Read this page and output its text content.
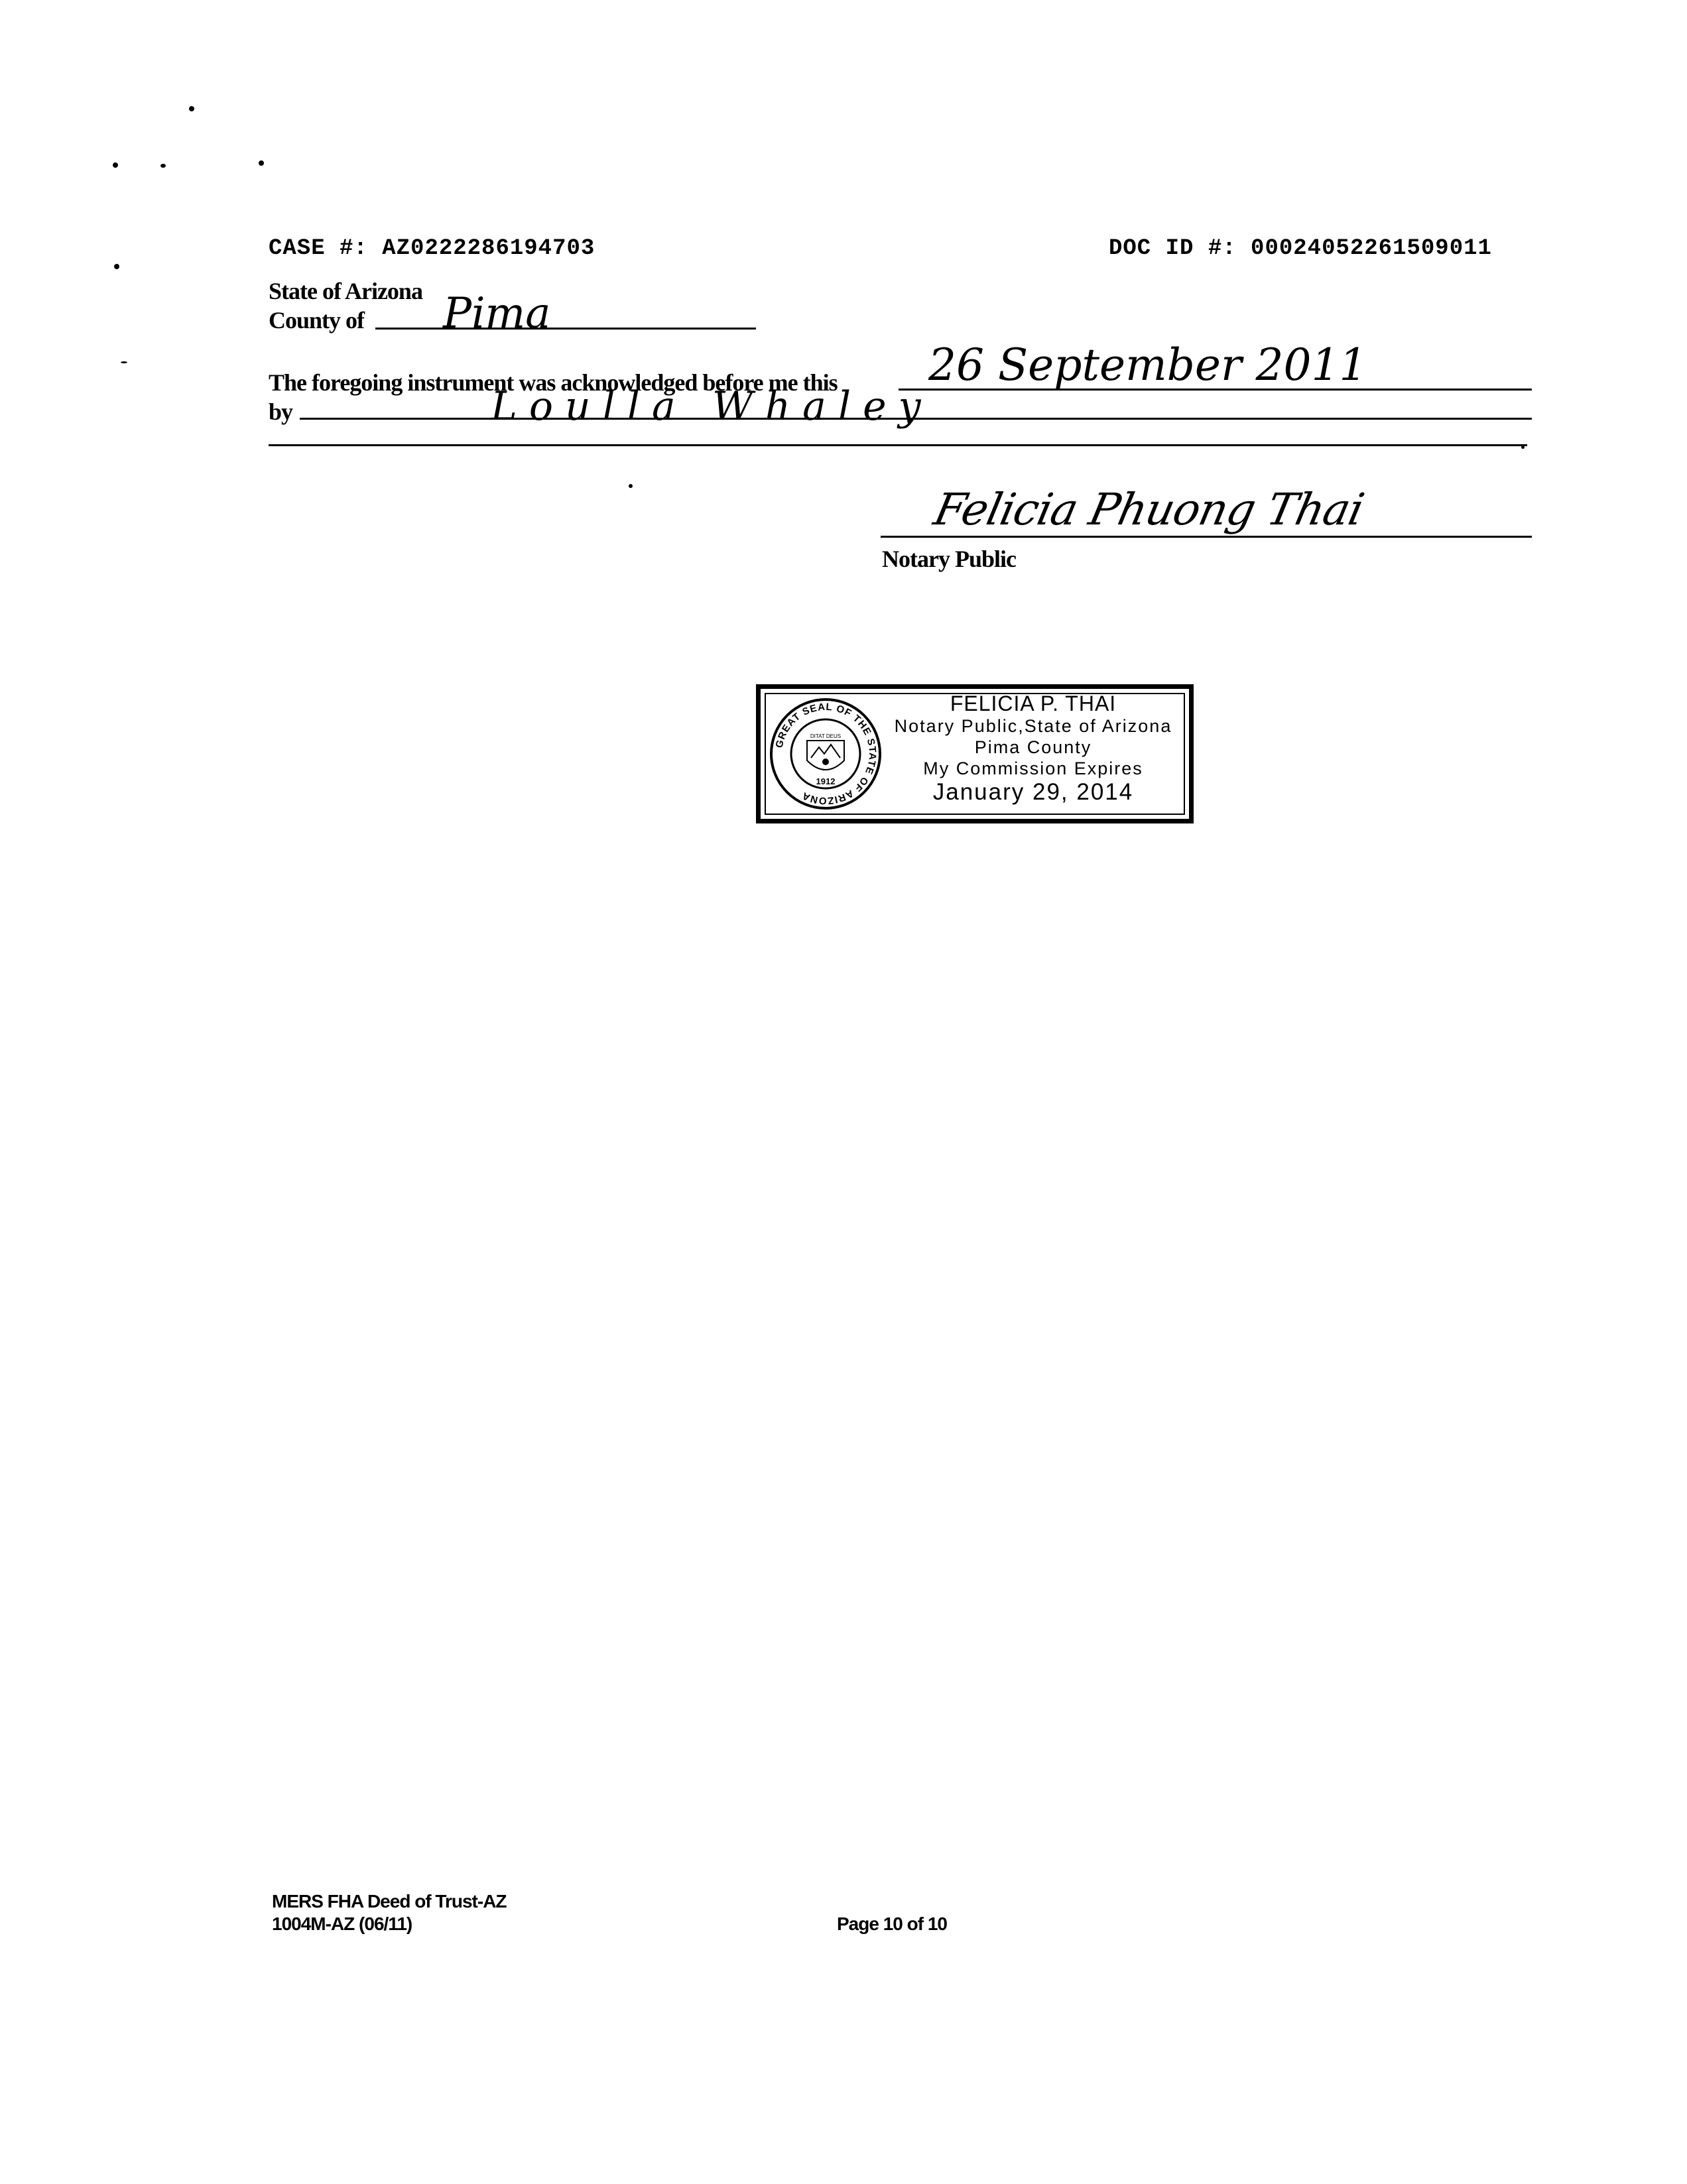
CASE #: AZ0222286194703	DOC ID #: 00024052261509011
State of Arizona
County of Pima
The foregoing instrument was acknowledged before me this 26 September 2011
by	Loulla Whaley
Felicia Phuong Thai
Notary Public
GREAT SEAL OF THE STATE OF ARIZONA
DITAT DEUS
1912
FELICIA P. THAI
Notary Public,State of Arizona
Pima County
My Commission Expires
January 29, 2014
MERS FHA Deed of Trust-AZ
1004M-AZ (06/11)	Page 10 of 10
